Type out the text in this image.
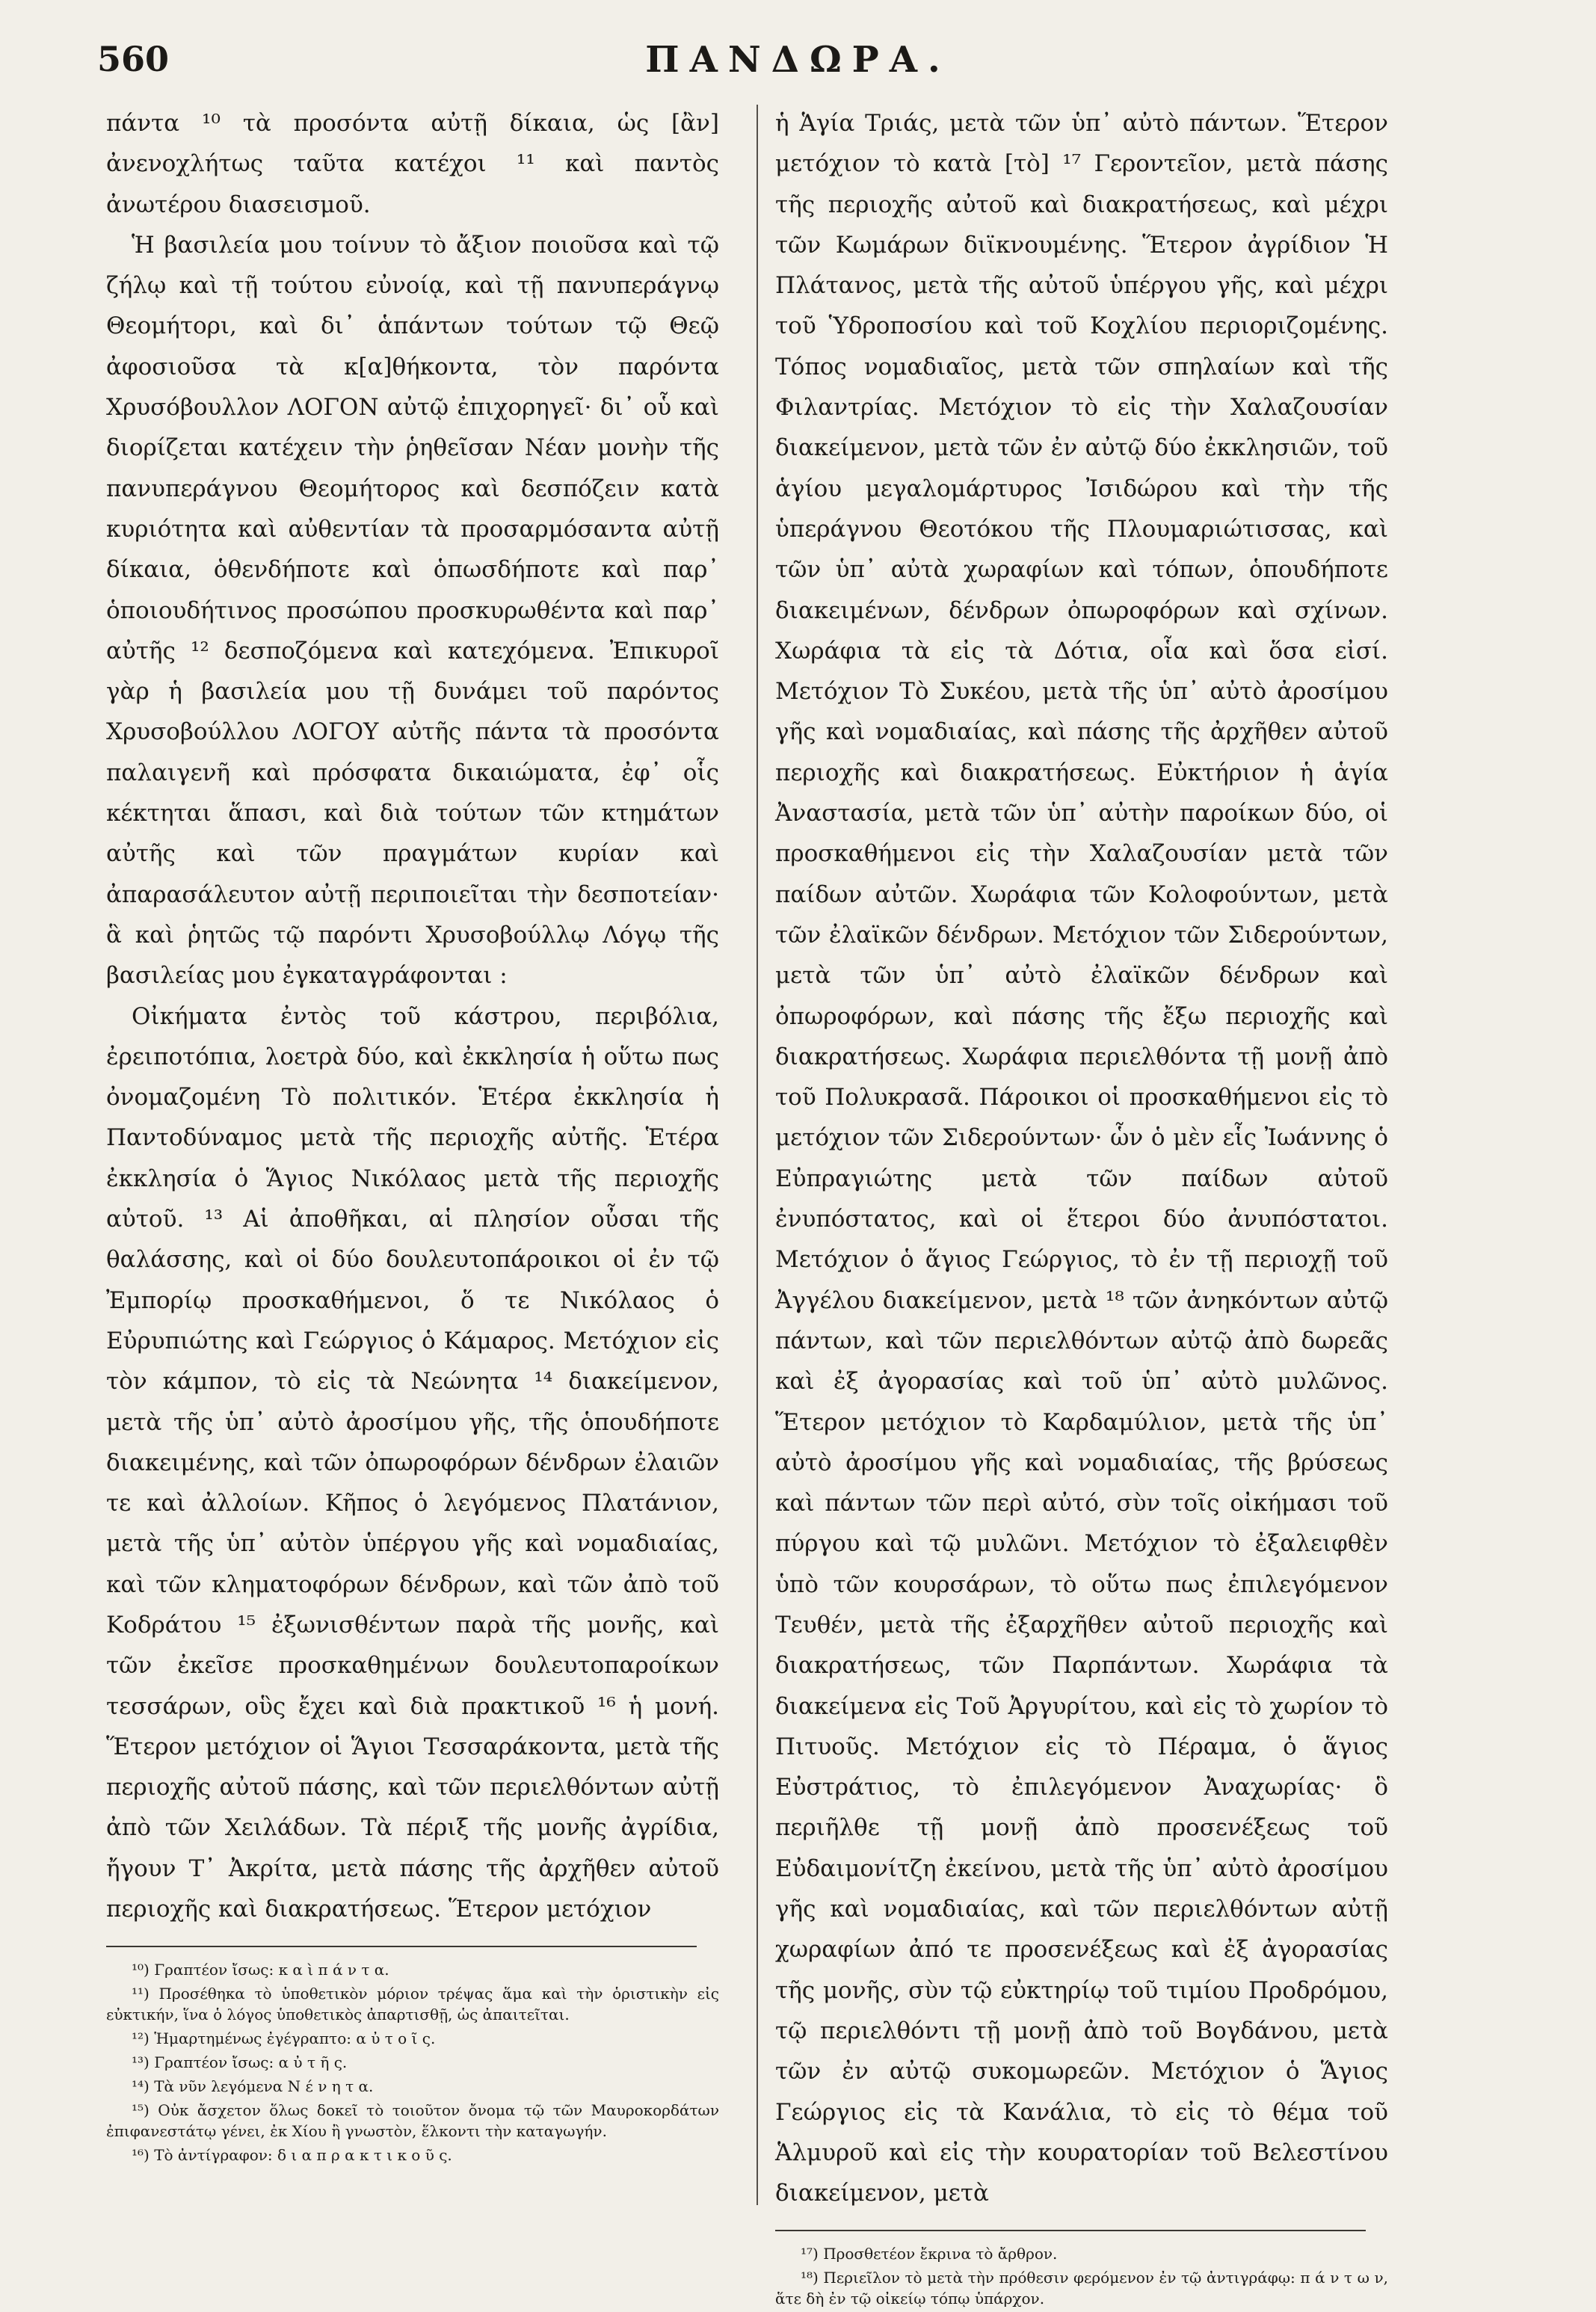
560	ΠΑΝΔΩΡΑ.

πάντα ¹⁰ τὰ προσόντα αὐτῇ δίκαια, ὡς [ἂν] ἀνενοχλήτως ταῦτα κατέχοι ¹¹ καὶ παντὸς ἀνωτέρου διασεισμοῦ.

Ἡ βασιλεία μου τοίνυν τὸ ἄξιον ποιοῦσα καὶ τῷ ζήλῳ καὶ τῇ τούτου εὐνοίᾳ, καὶ τῇ πανυπεράγνῳ Θεομήτορι, καὶ δι᾽ ἁπάντων τούτων τῷ Θεῷ ἀφοσιοῦσα τὰ κ[α]θήκοντα, τὸν παρόντα Χρυσόβουλλον ΛΟΓΟΝ αὐτῷ ἐπιχορηγεῖ· δι᾽ οὗ καὶ διορίζεται κατέχειν τὴν ῥηθεῖσαν Νέαν μονὴν τῆς πανυπεράγνου Θεομήτορος καὶ δεσπόζειν κατὰ κυριότητα καὶ αὐθεντίαν τὰ προσαρμόσαντα αὐτῇ δίκαια, ὁθενδήποτε καὶ ὁπωσδήποτε καὶ παρ᾽ ὁποιουδήτινος προσώπου προσκυρωθέντα καὶ παρ᾽ αὐτῆς ¹² δεσποζόμενα καὶ κατεχόμενα. Ἐπικυροῖ γὰρ ἡ βασιλεία μου τῇ δυνάμει τοῦ παρόντος Χρυσοβούλλου ΛΟΓΟΥ αὐτῆς πάντα τὰ προσόντα παλαιγενῆ καὶ πρόσφατα δικαιώματα, ἐφ᾽ οἷς κέκτηται ἅπασι, καὶ διὰ τούτων τῶν κτημάτων αὐτῆς καὶ τῶν πραγμάτων κυρίαν καὶ ἀπαρασάλευτον αὐτῇ περιποιεῖται τὴν δεσποτείαν· ἃ καὶ ῥητῶς τῷ παρόντι Χρυσοβούλλῳ Λόγῳ τῆς βασιλείας μου ἐγκαταγράφονται :

Οἰκήματα ἐντὸς τοῦ κάστρου, περιβόλια, ἐρειποτόπια, λοετρὰ δύο, καὶ ἐκκλησία ἡ οὕτω πως ὀνομαζομένη Τὸ πολιτικόν. Ἑτέρα ἐκκλησία ἡ Παντοδύναμος μετὰ τῆς περιοχῆς αὐτῆς. Ἑτέρα ἐκκλησία ὁ Ἅγιος Νικόλαος μετὰ τῆς περιοχῆς αὐτοῦ. ¹³ Αἱ ἀποθῆκαι, αἱ πλησίον οὖσαι τῆς θαλάσσης, καὶ οἱ δύο δουλευτοπάροικοι οἱ ἐν τῷ Ἐμπορίῳ προσκαθήμενοι, ὅ τε Νικόλαος ὁ Εὐρυπιώτης καὶ Γεώργιος ὁ Κάμαρος. Μετόχιον εἰς τὸν κάμπον, τὸ εἰς τὰ Νεώνητα ¹⁴ διακείμενον, μετὰ τῆς ὑπ᾽ αὐτὸ ἀροσίμου γῆς, τῆς ὁπουδήποτε διακειμένης, καὶ τῶν ὀπωροφόρων δένδρων ἐλαιῶν τε καὶ ἀλλοίων. Κῆπος ὁ λεγόμενος Πλατάνιον, μετὰ τῆς ὑπ᾽ αὐτὸν ὑπέργου γῆς καὶ νομαδιαίας, καὶ τῶν κληματοφόρων δένδρων, καὶ τῶν ἀπὸ τοῦ Κοδράτου ¹⁵ ἐξωνισθέντων παρὰ τῆς μονῆς, καὶ τῶν ἐκεῖσε προσκαθημένων δουλευτοπαροίκων τεσσάρων, οὓς ἔχει καὶ διὰ πρακτικοῦ ¹⁶ ἡ μονή. Ἕτερον μετόχιον οἱ Ἅγιοι Τεσσαράκοντα, μετὰ τῆς περιοχῆς αὐτοῦ πάσης, καὶ τῶν περιελθόντων αὐτῇ ἀπὸ τῶν Χειλάδων. Τὰ πέριξ τῆς μονῆς ἀγρίδια, ἤγουν Τ᾽ Ἀκρίτα, μετὰ πάσης τῆς ἀρχῆθεν αὐτοῦ περιοχῆς καὶ διακρατήσεως. Ἕτερον μετόχιον

¹⁰) Γραπτέον ἴσως: κ α ὶ π ά ν τ α.

¹¹) Προσέθηκα τὸ ὑποθετικὸν μόριον τρέψας ἅμα καὶ τὴν ὁριστικὴν εἰς εὐκτικήν, ἵνα ὁ λόγος ὑποθετικὸς ἀπαρτισθῇ, ὡς ἀπαιτεῖται.

¹²) Ἡμαρτημένως ἐγέγραπτο: α ὐ τ ο ῖ ς.

¹³) Γραπτέον ἴσως: α ὐ τ ῆ ς.

¹⁴) Τὰ νῦν λεγόμενα Ν έ ν η τ α.

¹⁵) Οὐκ ἄσχετον ὅλως δοκεῖ τὸ τοιοῦτον ὄνομα τῷ τῶν Μαυροκορδάτων ἐπιφανεστάτῳ γένει, ἐκ Χίου ἢ γνωστὸν, ἕλκοντι τὴν καταγωγήν.

¹⁶) Τὸ ἀντίγραφον: δ ι α π ρ α κ τ ι κ ο ῦ ς.

ἡ Ἁγία Τριάς, μετὰ τῶν ὑπ᾽ αὐτὸ πάντων. Ἕτερον μετόχιον τὸ κατὰ [τὸ] ¹⁷ Γεροντεῖον, μετὰ πάσης τῆς περιοχῆς αὐτοῦ καὶ διακρατήσεως, καὶ μέχρι τῶν Κωμάρων διϊκνουμένης. Ἕτερον ἀγρίδιον Ἡ Πλάτανος, μετὰ τῆς αὐτοῦ ὑπέργου γῆς, καὶ μέχρι τοῦ Ὑδροποσίου καὶ τοῦ Κοχλίου περιοριζομένης. Τόπος νομαδιαῖος, μετὰ τῶν σπηλαίων καὶ τῆς Φιλαντρίας. Μετόχιον τὸ εἰς τὴν Χαλαζουσίαν διακείμενον, μετὰ τῶν ἐν αὐτῷ δύο ἐκκλησιῶν, τοῦ ἁγίου μεγαλομάρτυρος Ἰσιδώρου καὶ τὴν τῆς ὑπεράγνου Θεοτόκου τῆς Πλουμαριώτισσας, καὶ τῶν ὑπ᾽ αὐτὰ χωραφίων καὶ τόπων, ὁπουδήποτε διακειμένων, δένδρων ὀπωροφόρων καὶ σχίνων. Χωράφια τὰ εἰς τὰ Δότια, οἷα καὶ ὅσα εἰσί. Μετόχιον Τὸ Συκέου, μετὰ τῆς ὑπ᾽ αὐτὸ ἀροσίμου γῆς καὶ νομαδιαίας, καὶ πάσης τῆς ἀρχῆθεν αὐτοῦ περιοχῆς καὶ διακρατήσεως. Εὐκτήριον ἡ ἁγία Ἀναστασία, μετὰ τῶν ὑπ᾽ αὐτὴν παροίκων δύο, οἱ προσκαθήμενοι εἰς τὴν Χαλαζουσίαν μετὰ τῶν παίδων αὐτῶν. Χωράφια τῶν Κολοφούντων, μετὰ τῶν ἐλαϊκῶν δένδρων. Μετόχιον τῶν Σιδερούντων, μετὰ τῶν ὑπ᾽ αὐτὸ ἐλαϊκῶν δένδρων καὶ ὀπωροφόρων, καὶ πάσης τῆς ἔξω περιοχῆς καὶ διακρατήσεως. Χωράφια περιελθόντα τῇ μονῇ ἀπὸ τοῦ Πολυκρασᾶ. Πάροικοι οἱ προσκαθήμενοι εἰς τὸ μετόχιον τῶν Σιδερούντων· ὧν ὁ μὲν εἷς Ἰωάννης ὁ Εὐπραγιώτης μετὰ τῶν παίδων αὐτοῦ ἐνυπόστατος, καὶ οἱ ἕτεροι δύο ἀνυπόστατοι. Μετόχιον ὁ ἅγιος Γεώργιος, τὸ ἐν τῇ περιοχῇ τοῦ Ἀγγέλου διακείμενον, μετὰ ¹⁸ τῶν ἀνηκόντων αὐτῷ πάντων, καὶ τῶν περιελθόντων αὐτῷ ἀπὸ δωρεᾶς καὶ ἐξ ἀγορασίας καὶ τοῦ ὑπ᾽ αὐτὸ μυλῶνος. Ἕτερον μετόχιον τὸ Καρδαμύλιον, μετὰ τῆς ὑπ᾽ αὐτὸ ἀροσίμου γῆς καὶ νομαδιαίας, τῆς βρύσεως καὶ πάντων τῶν περὶ αὐτό, σὺν τοῖς οἰκήμασι τοῦ πύργου καὶ τῷ μυλῶνι. Μετόχιον τὸ ἐξαλειφθὲν ὑπὸ τῶν κουρσάρων, τὸ οὕτω πως ἐπιλεγόμενον Τευθέν, μετὰ τῆς ἐξαρχῆθεν αὐτοῦ περιοχῆς καὶ διακρατήσεως, τῶν Παρπάντων. Χωράφια τὰ διακείμενα εἰς Τοῦ Ἀργυρίτου, καὶ εἰς τὸ χωρίον τὸ Πιτυοῦς. Μετόχιον εἰς τὸ Πέραμα, ὁ ἅγιος Εὐστράτιος, τὸ ἐπιλεγόμενον Ἀναχωρίας· ὃ περιῆλθε τῇ μονῇ ἀπὸ προσενέξεως τοῦ Εὐδαιμονίτζη ἐκείνου, μετὰ τῆς ὑπ᾽ αὐτὸ ἀροσίμου γῆς καὶ νομαδιαίας, καὶ τῶν περιελθόντων αὐτῇ χωραφίων ἀπό τε προσενέξεως καὶ ἐξ ἀγορασίας τῆς μονῆς, σὺν τῷ εὐκτηρίῳ τοῦ τιμίου Προδρόμου, τῷ περιελθόντι τῇ μονῇ ἀπὸ τοῦ Βογδάνου, μετὰ τῶν ἐν αὐτῷ συκομωρεῶν. Μετόχιον ὁ Ἅγιος Γεώργιος εἰς τὰ Κανάλια, τὸ εἰς τὸ θέμα τοῦ Ἁλμυροῦ καὶ εἰς τὴν κουρατορίαν τοῦ Βελεστίνου διακείμενον, μετὰ

¹⁷) Προσθετέον ἔκρινα τὸ ἄρθρον.

¹⁸) Περιεῖλον τὸ μετὰ τὴν πρόθεσιν φερόμενον ἐν τῷ ἀντιγράφῳ: π ά ν τ ω ν, ἅτε δὴ ἐν τῷ οἰκείῳ τόπῳ ὑπάρχον.
